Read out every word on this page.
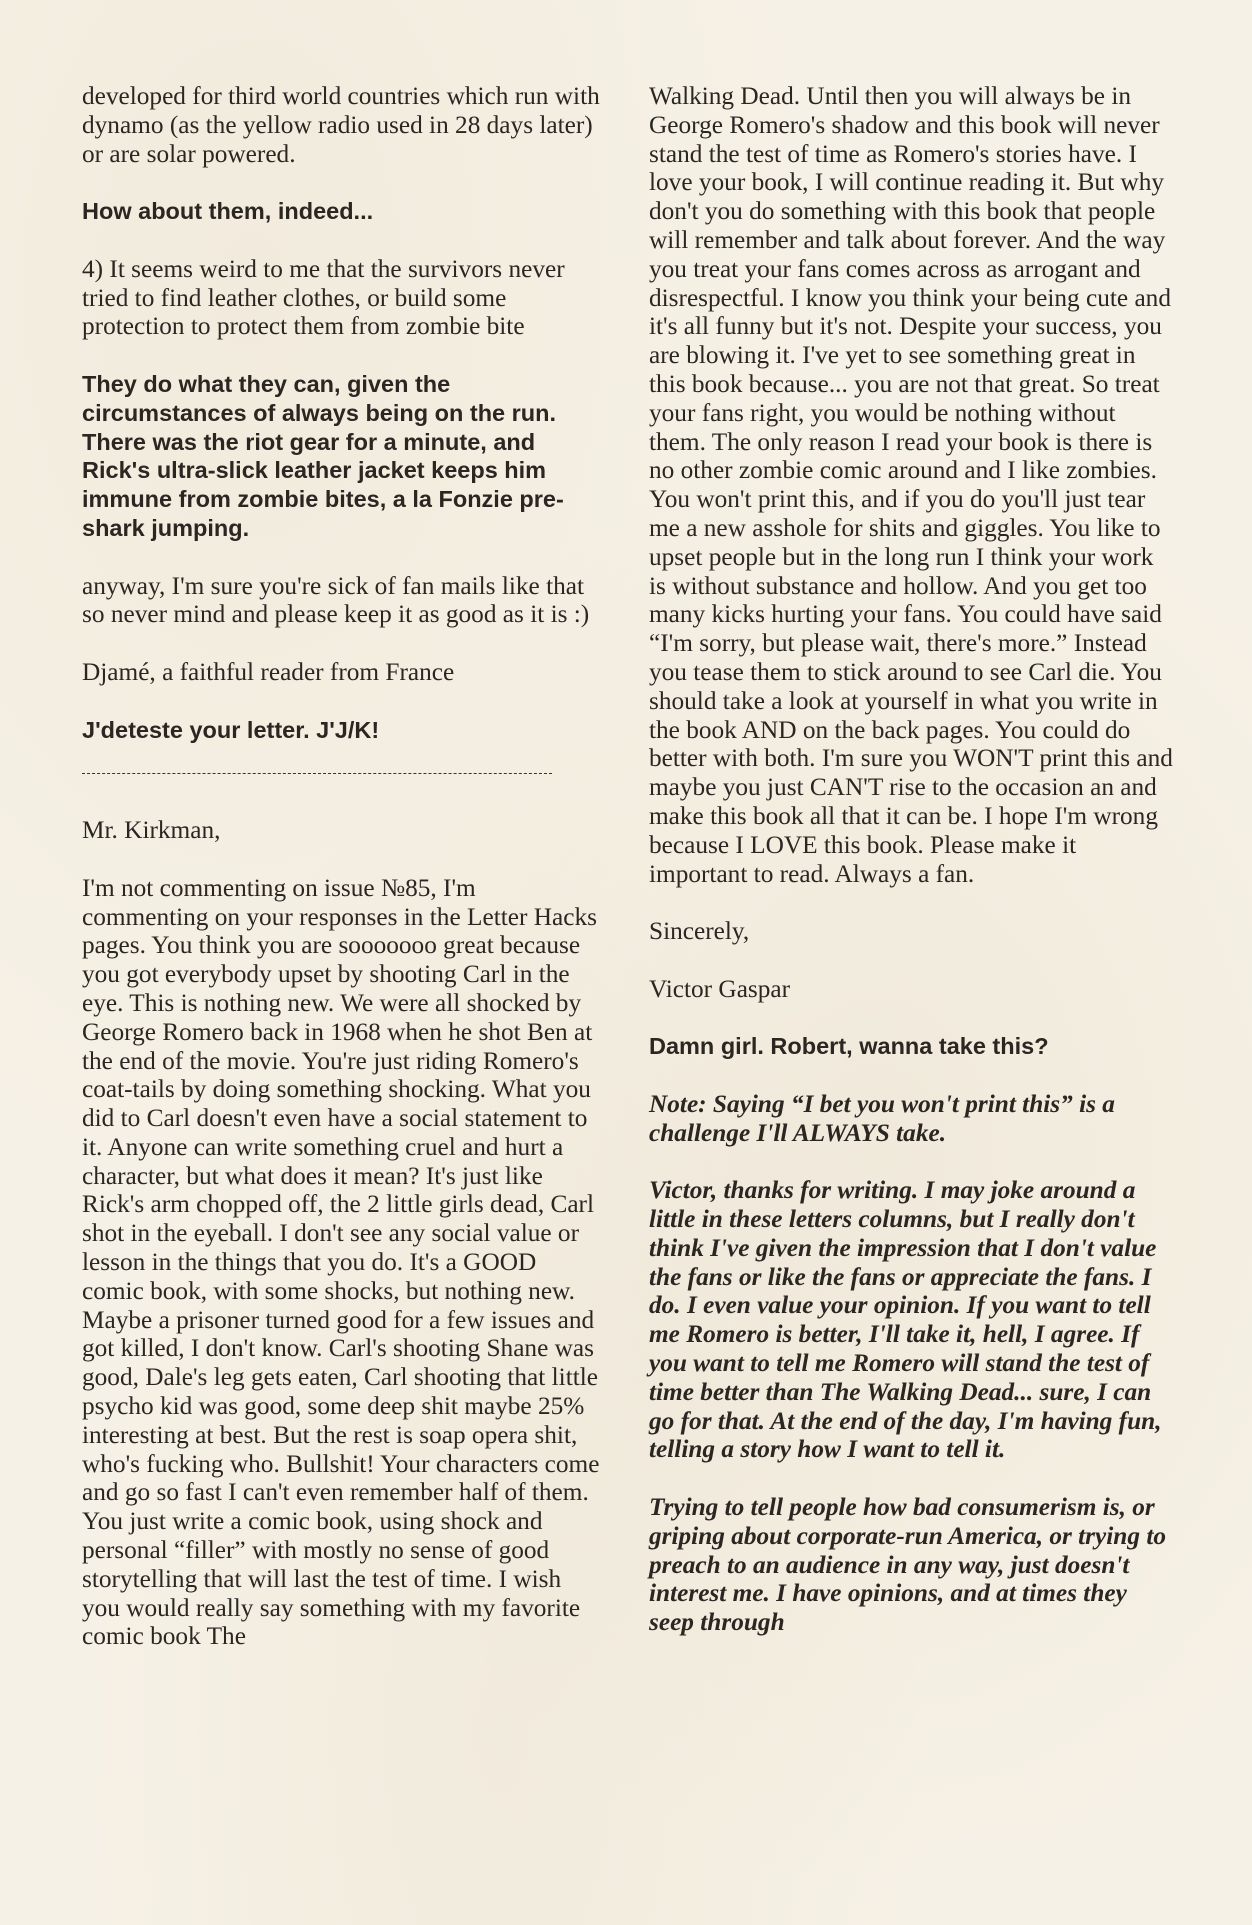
developed for third world countries which run with dynamo (as the yellow radio used in 28 days later) or are solar powered.

How about them, indeed...

4) It seems weird to me that the survivors never tried to find leather clothes, or build some protection to protect them from zombie bite

They do what they can, given the circumstances of always being on the run. There was the riot gear for a minute, and Rick's ultra-slick leather jacket keeps him immune from zombie bites, a la Fonzie pre-shark jumping.

anyway, I'm sure you're sick of fan mails like that so never mind and please keep it as good as it is :)

Djamé, a faithful reader from France

J'deteste your letter. J'J/K!

Mr. Kirkman,

I'm not commenting on issue №85, I'm commenting on your responses in the Letter Hacks pages. You think you are sooooooo great because you got everybody upset by shooting Carl in the eye. This is nothing new. We were all shocked by George Romero back in 1968 when he shot Ben at the end of the movie. You're just riding Romero's coat-tails by doing something shocking. What you did to Carl doesn't even have a social statement to it. Anyone can write something cruel and hurt a character, but what does it mean? It's just like Rick's arm chopped off, the 2 little girls dead, Carl shot in the eyeball. I don't see any social value or lesson in the things that you do. It's a GOOD comic book, with some shocks, but nothing new. Maybe a prisoner turned good for a few issues and got killed, I don't know. Carl's shooting Shane was good, Dale's leg gets eaten, Carl shooting that little psycho kid was good, some deep shit maybe 25% interesting at best. But the rest is soap opera shit, who's fucking who. Bullshit! Your characters come and go so fast I can't even remember half of them. You just write a comic book, using shock and personal “filler” with mostly no sense of good storytelling that will last the test of time. I wish you would really say something with my favorite comic book The

Walking Dead. Until then you will always be in George Romero's shadow and this book will never stand the test of time as Romero's stories have. I love your book, I will continue reading it. But why don't you do something with this book that people will remember and talk about forever. And the way you treat your fans comes across as arrogant and disrespectful. I know you think your being cute and it's all funny but it's not. Despite your success, you are blowing it. I've yet to see something great in this book because... you are not that great. So treat your fans right, you would be nothing without them. The only reason I read your book is there is no other zombie comic around and I like zombies. You won't print this, and if you do you'll just tear me a new asshole for shits and giggles. You like to upset people but in the long run I think your work is without substance and hollow. And you get too many kicks hurting your fans. You could have said “I'm sorry, but please wait, there's more.” Instead you tease them to stick around to see Carl die. You should take a look at yourself in what you write in the book AND on the back pages. You could do better with both. I'm sure you WON'T print this and maybe you just CAN'T rise to the occasion an and make this book all that it can be. I hope I'm wrong because I LOVE this book. Please make it important to read. Always a fan.

Sincerely,

Victor Gaspar

Damn girl. Robert, wanna take this?

Note: Saying “I bet you won't print this” is a challenge I'll ALWAYS take.

Victor, thanks for writing. I may joke around a little in these letters columns, but I really don't think I've given the impression that I don't value the fans or like the fans or appreciate the fans. I do. I even value your opinion. If you want to tell me Romero is better, I'll take it, hell, I agree. If you want to tell me Romero will stand the test of time better than The Walking Dead... sure, I can go for that. At the end of the day, I'm having fun, telling a story how I want to tell it.

Trying to tell people how bad consumerism is, or griping about corporate-run America, or trying to preach to an audience in any way, just doesn't interest me. I have opinions, and at times they seep through
